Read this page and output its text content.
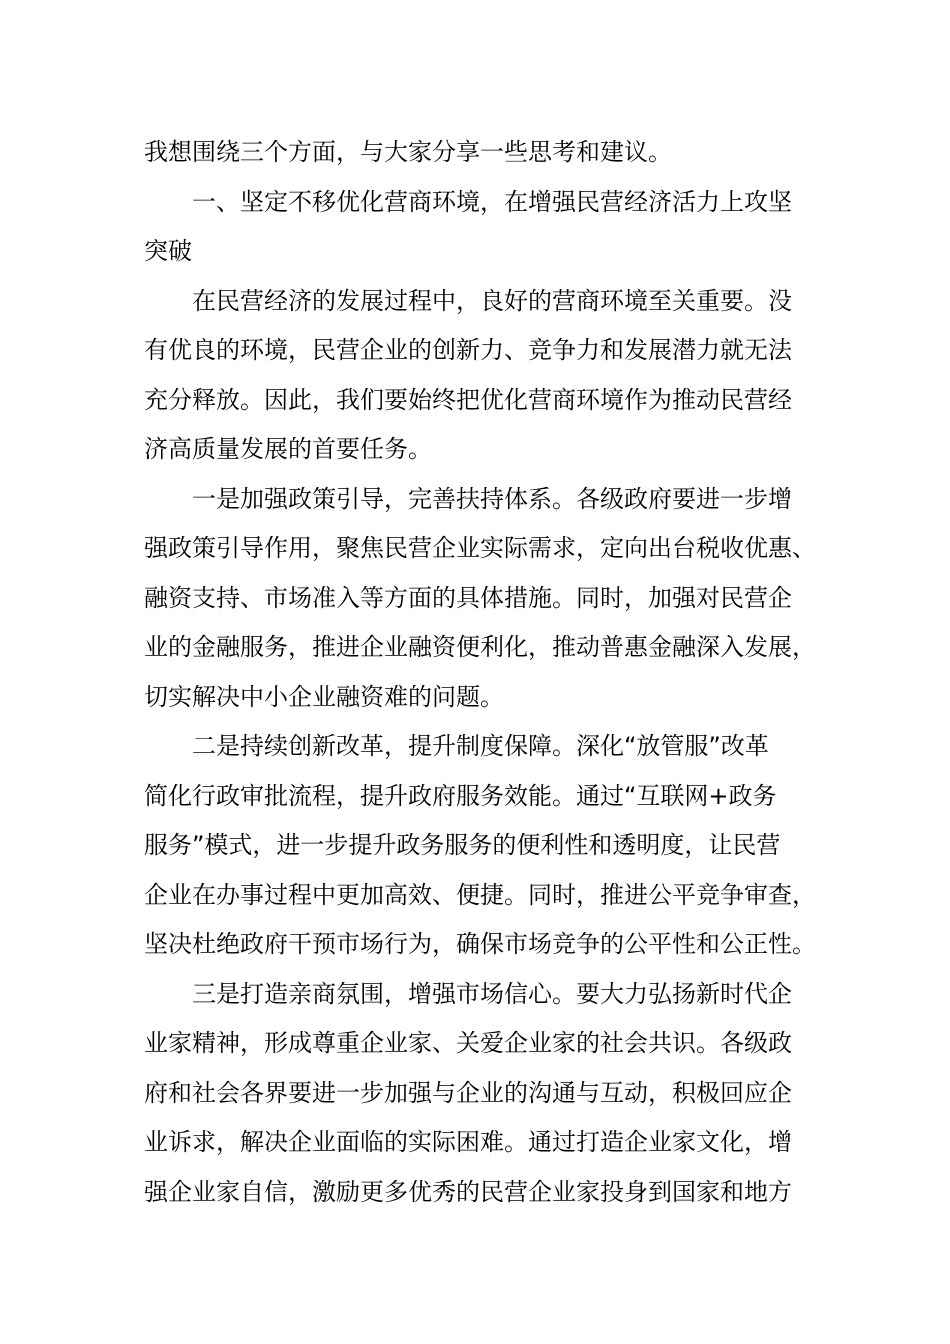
我想围绕三个方面，与大家分享一些思考和建议。
一、坚定不移优化营商环境，在增强民营经济活力上攻坚
突破
在民营经济的发展过程中，良好的营商环境至关重要。没
有优良的环境，民营企业的创新力、竞争力和发展潜力就无法
充分释放。因此，我们要始终把优化营商环境作为推动民营经
济高质量发展的首要任务。
一是加强政策引导，完善扶持体系。各级政府要进一步增
强政策引导作用，聚焦民营企业实际需求，定向出台税收优惠、
融资支持、市场准入等方面的具体措施。同时，加强对民营企
业的金融服务，推进企业融资便利化，推动普惠金融深入发展，
切实解决中小企业融资难的问题。
二是持续创新改革，提升制度保障。深化“放管服”改革
简化行政审批流程，提升政府服务效能。通过“互联网+政务
服务”模式，进一步提升政务服务的便利性和透明度，让民营
企业在办事过程中更加高效、便捷。同时，推进公平竞争审查，
坚决杜绝政府干预市场行为，确保市场竞争的公平性和公正性。
三是打造亲商氛围，增强市场信心。要大力弘扬新时代企
业家精神，形成尊重企业家、关爱企业家的社会共识。各级政
府和社会各界要进一步加强与企业的沟通与互动，积极回应企
业诉求，解决企业面临的实际困难。通过打造企业家文化，增
强企业家自信，激励更多优秀的民营企业家投身到国家和地方
